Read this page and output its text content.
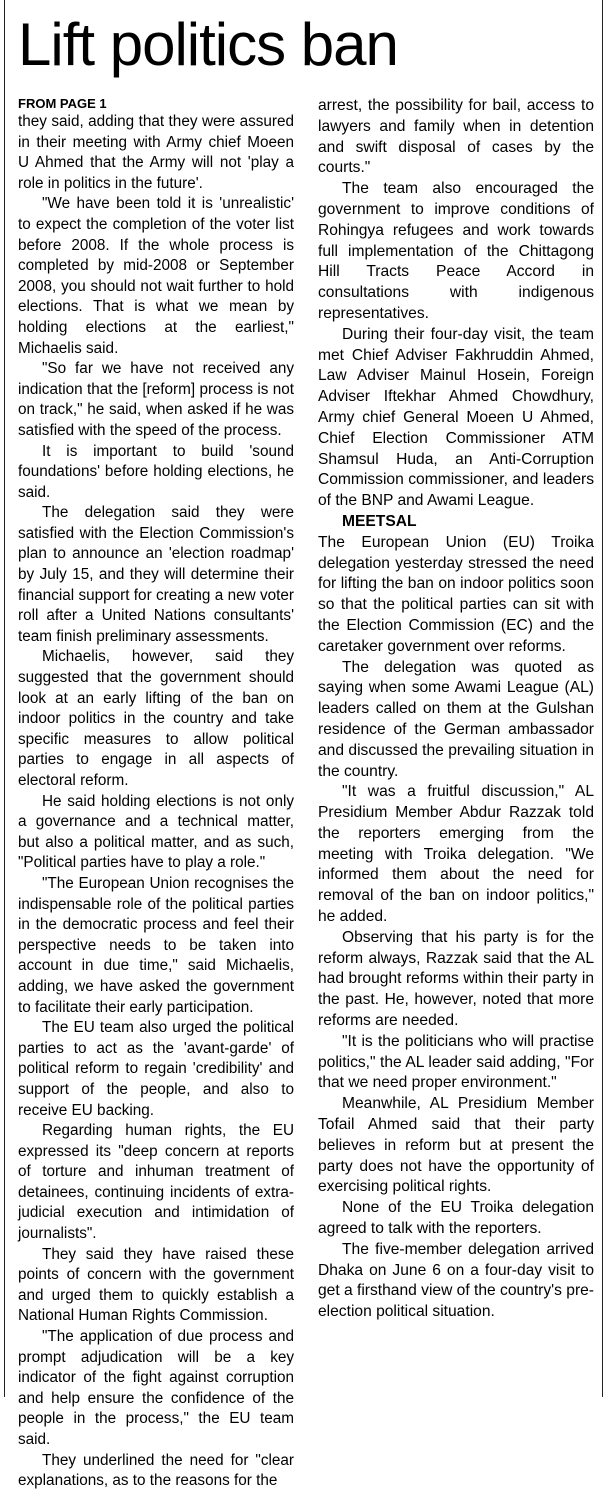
Lift politics ban
FROM PAGE 1

they said, adding that they were assured in their meeting with Army chief Moeen U Ahmed that the Army will not 'play a role in politics in the future'.

"We have been told it is 'unrealistic' to expect the completion of the voter list before 2008. If the whole process is completed by mid-2008 or September 2008, you should not wait further to hold elections. That is what we mean by holding elections at the earliest," Michaelis said.

"So far we have not received any indication that the [reform] process is not on track," he said, when asked if he was satisfied with the speed of the process.

It is important to build 'sound foundations' before holding elections, he said.

The delegation said they were satisfied with the Election Commission's plan to announce an 'election roadmap' by July 15, and they will determine their financial support for creating a new voter roll after a United Nations consultants' team finish preliminary assessments.

Michaelis, however, said they suggested that the government should look at an early lifting of the ban on indoor politics in the country and take specific measures to allow political parties to engage in all aspects of electoral reform.

He said holding elections is not only a governance and a technical matter, but also a political matter, and as such, "Political parties have to play a role."

"The European Union recognises the indispensable role of the political parties in the democratic process and feel their perspective needs to be taken into account in due time," said Michaelis, adding, we have asked the government to facilitate their early participation.

The EU team also urged the political parties to act as the 'avant-garde' of political reform to regain 'credibility' and support of the people, and also to receive EU backing.

Regarding human rights, the EU expressed its "deep concern at reports of torture and inhuman treatment of detainees, continuing incidents of extra-judicial execution and intimidation of journalists".

They said they have raised these points of concern with the government and urged them to quickly establish a National Human Rights Commission.

"The application of due process and prompt adjudication will be a key indicator of the fight against corruption and help ensure the confidence of the people in the process," the EU team said.

They underlined the need for "clear explanations, as to the reasons for the

arrest, the possibility for bail, access to lawyers and family when in detention and swift disposal of cases by the courts."

The team also encouraged the government to improve conditions of Rohingya refugees and work towards full implementation of the Chittagong Hill Tracts Peace Accord in consultations with indigenous representatives.

During their four-day visit, the team met Chief Adviser Fakhruddin Ahmed, Law Adviser Mainul Hosein, Foreign Adviser Iftekhar Ahmed Chowdhury, Army chief General Moeen U Ahmed, Chief Election Commissioner ATM Shamsul Huda, an Anti-Corruption Commission commissioner, and leaders of the BNP and Awami League.

MEETSAL

The European Union (EU) Troika delegation yesterday stressed the need for lifting the ban on indoor politics soon so that the political parties can sit with the Election Commission (EC) and the caretaker government over reforms.

The delegation was quoted as saying when some Awami League (AL) leaders called on them at the Gulshan residence of the German ambassador and discussed the prevailing situation in the country.

"It was a fruitful discussion," AL Presidium Member Abdur Razzak told the reporters emerging from the meeting with Troika delegation. "We informed them about the need for removal of the ban on indoor politics," he added.

Observing that his party is for the reform always, Razzak said that the AL had brought reforms within their party in the past. He, however, noted that more reforms are needed.

"It is the politicians who will practise politics," the AL leader said adding, "For that we need proper environment."

Meanwhile, AL Presidium Member Tofail Ahmed said that their party believes in reform but at present the party does not have the opportunity of exercising political rights.

None of the EU Troika delegation agreed to talk with the reporters.

The five-member delegation arrived Dhaka on June 6 on a four-day visit to get a firsthand view of the country's pre-election political situation.
